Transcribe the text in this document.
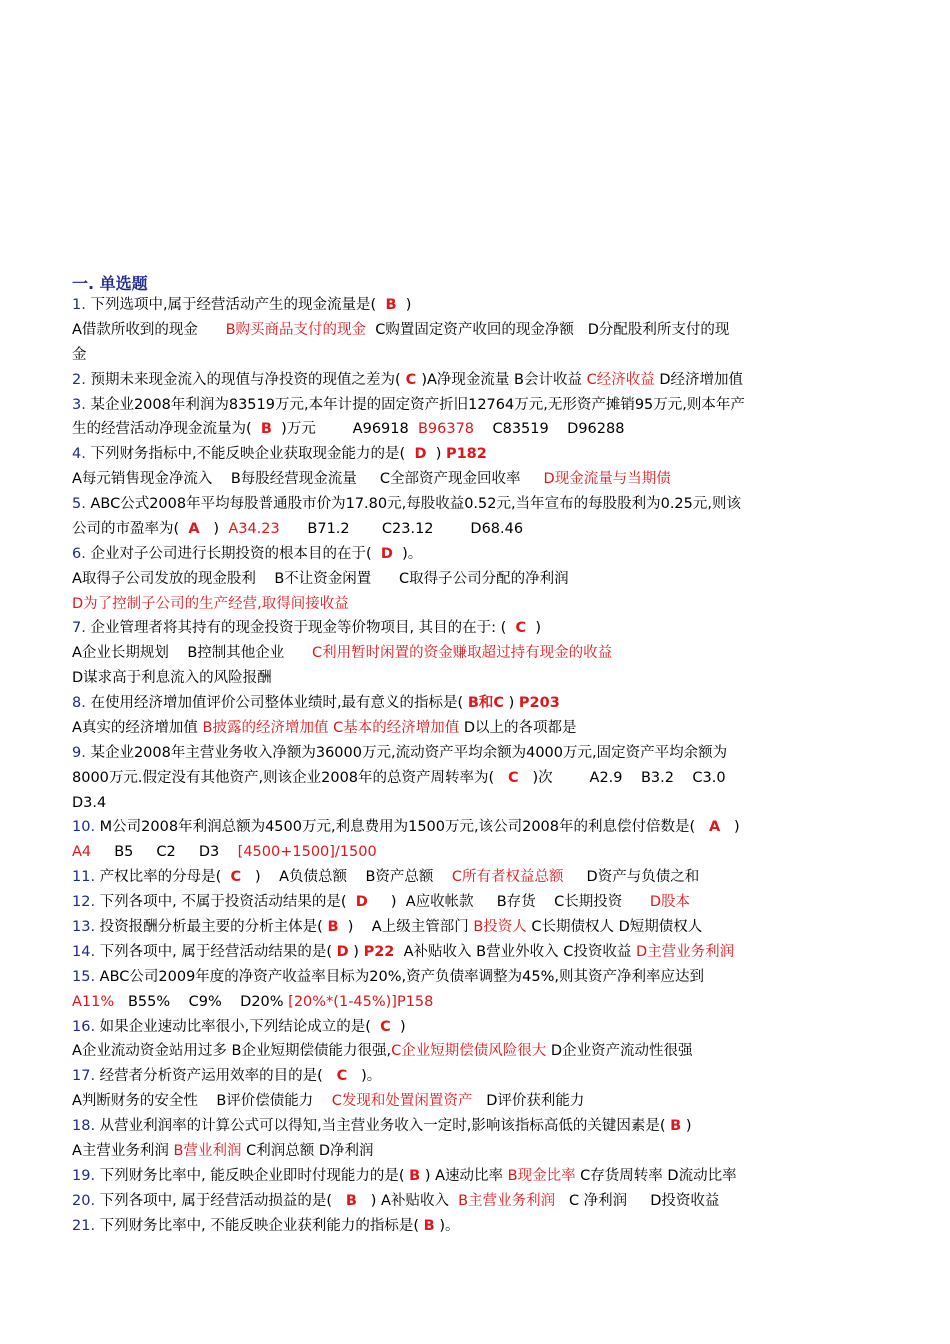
一. 单选题
1. 下列选项中,属于经营活动产生的现金流量是(  B  )
A借款所收到的现金      B购买商品支付的现金  C购置固定资产收回的现金净额   D分配股利所支付的现
金
2. 预期未来现金流入的现值与净投资的现值之差为( C )A净现金流量 B会计收益 C经济收益 D经济增加值
3. 某企业2008年利润为83519万元,本年计提的固定资产折旧12764万元,无形资产摊销95万元,则本年产
生的经营活动净现金流量为(  B  )万元        A96918  B96378    C83519    D96288
4. 下列财务指标中,不能反映企业获取现金能力的是(  D  ) P182
A每元销售现金净流入    B每股经营现金流量     C全部资产现金回收率     D现金流量与当期债
5. ABC公式2008年平均每股普通股市价为17.80元,每股收益0.52元,当年宣布的每股股利为0.25元,则该
公司的市盈率为(  A   )  A34.23      B71.2       C23.12        D68.46
6. 企业对子公司进行长期投资的根本目的在于(  D  )。
A取得子公司发放的现金股利    B不让资金闲置      C取得子公司分配的净利润
D为了控制子公司的生产经营,取得间接收益
7. 企业管理者将其持有的现金投资于现金等价物项目, 其目的在于: (  C  )
A企业长期规划    B控制其他企业      C利用暂时闲置的资金赚取超过持有现金的收益
D谋求高于利息流入的风险报酬
8. 在使用经济增加值评价公司整体业绩时,最有意义的指标是( B和C ) P203
A真实的经济增加值 B披露的经济增加值 C基本的经济增加值 D以上的各项都是
9. 某企业2008年主营业务收入净额为36000万元,流动资产平均余额为4000万元,固定资产平均余额为
8000万元.假定没有其他资产,则该企业2008年的总资产周转率为(   C   )次        A2.9    B3.2    C3.0
D3.4
10. M公司2008年利润总额为4500万元,利息费用为1500万元,该公司2008年的利息偿付倍数是(   A   )
A4     B5     C2     D3    [4500+1500]/1500
11. 产权比率的分母是(  C   )    A负债总额    B资产总额    C所有者权益总额     D资产与负债之和
12. 下列各项中, 不属于投资活动结果的是(  D     )  A应收帐款     B存货    C长期投资      D股本
13. 投资报酬分析最主要的分析主体是( B  )    A上级主管部门 B投资人 C长期债权人 D短期债权人
14. 下列各项中, 属于经营活动结果的是( D ) P22  A补贴收入 B营业外收入 C投资收益 D主营业务利润
15. ABC公司2009年度的净资产收益率目标为20%,资产负债率调整为45%,则其资产净利率应达到
A11%   B55%    C9%    D20% [20%*(1-45%)]P158
16. 如果企业速动比率很小,下列结论成立的是(  C  )
A企业流动资金站用过多 B企业短期偿债能力很强,C企业短期偿债风险很大 D企业资产流动性很强
17. 经营者分析资产运用效率的目的是(   C   )。
A判断财务的安全性    B评价偿债能力    C发现和处置闲置资产   D评价获利能力
18. 从营业利润率的计算公式可以得知,当主营业务收入一定时,影响该指标高低的关键因素是( B )
A主营业务利润 B营业利润 C利润总额 D净利润
19. 下列财务比率中, 能反映企业即时付现能力的是( B ) A速动比率 B现金比率 C存货周转率 D流动比率
20. 下列各项中, 属于经营活动损益的是(   B   ) A补贴收入  B主营业务利润   C 净利润     D投资收益
21. 下列财务比率中, 不能反映企业获利能力的指标是( B )。
